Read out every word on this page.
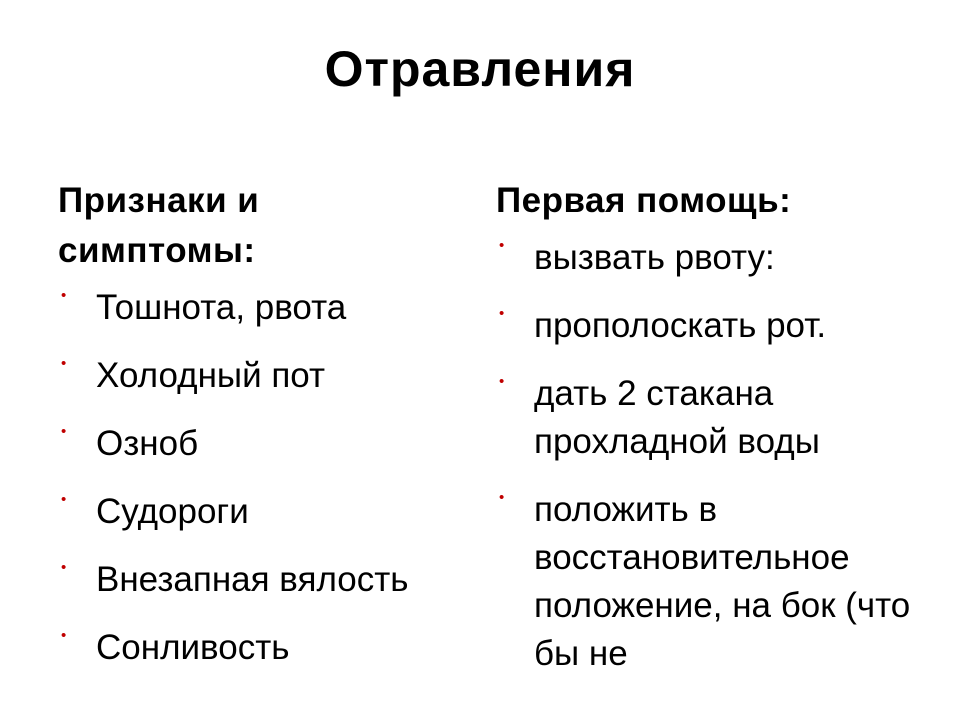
Отравления
Признаки и симптомы:
• Тошнота, рвота
• Холодный пот
• Озноб
• Судороги
• Внезапная вялость
• Сонливость
Первая помощь:
• вызвать рвоту:
• прополоскать рот.
• дать 2 стакана прохладной воды
• положить в восстановительное положение, на бок (что бы не
